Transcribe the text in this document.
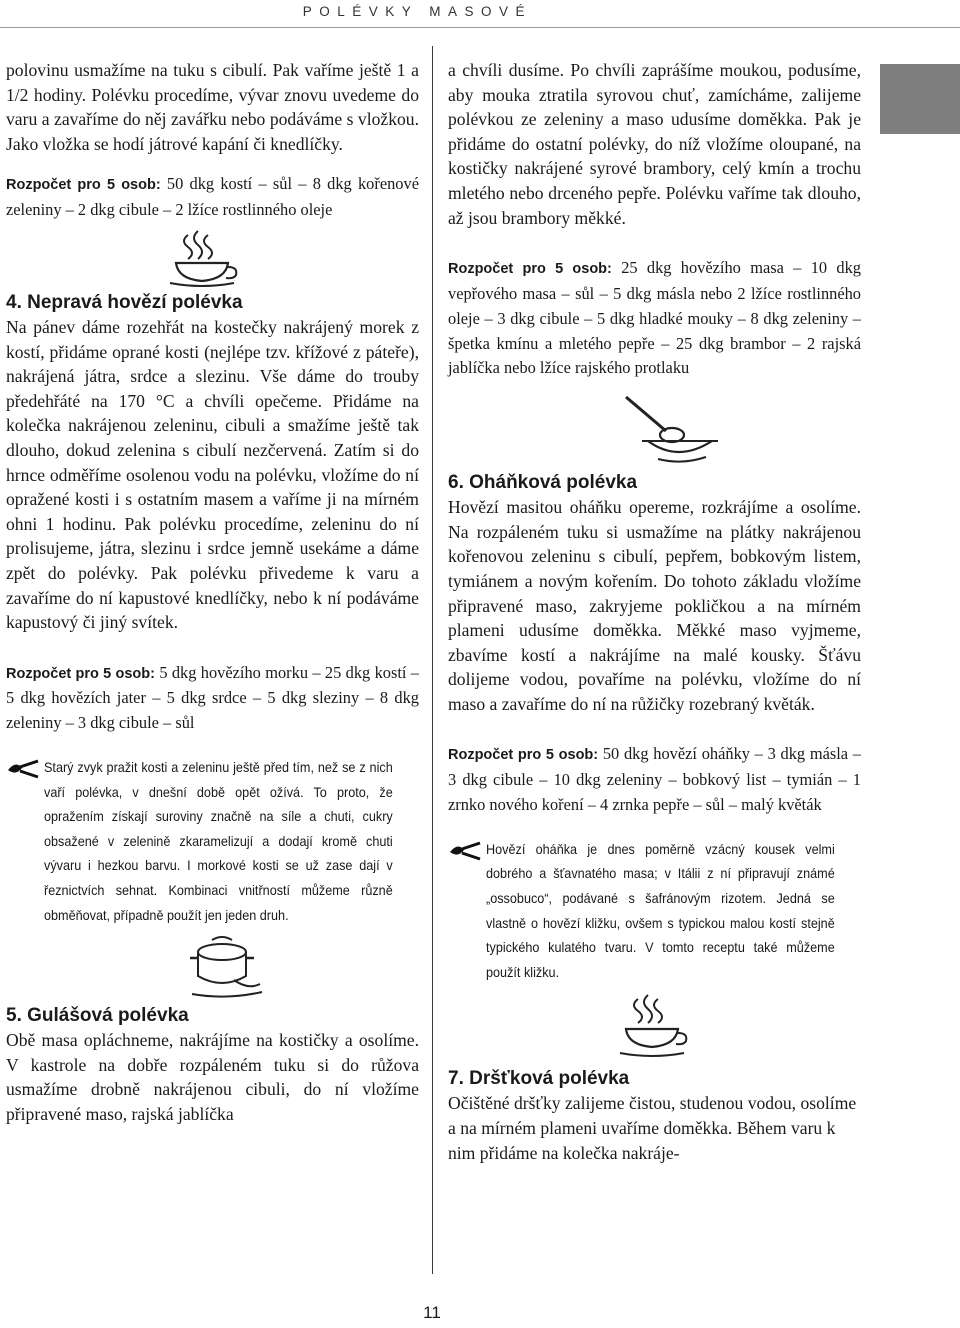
POLÉVKY MASOVÉ

polovinu usmažíme na tuku s cibulí. Pak vaříme ještě 1 a 1/2 hodiny. Polévku procedíme, vývar znovu uvedeme do varu a zavaříme do něj zavářku nebo podáváme s vložkou. Jako vložka se hodí játrové kapání či knedlíčky.

Rozpočet pro 5 osob: 50 dkg kostí – sůl – 8 dkg kořenové zeleniny – 2 dkg cibule – 2 lžíce rostlinného oleje

4. Nepravá hovězí polévka

Na pánev dáme rozehřát na kostečky nakrájený morek z kostí, přidáme oprané kosti (nejlépe tzv. křížové z páteře), nakrájená játra, srdce a slezinu. Vše dáme do trouby předehřáté na 170 °C a chvíli opečeme. Přidáme na kolečka nakrájenou zeleninu, cibuli a smažíme ještě tak dlouho, dokud zelenina s cibulí nezčervená. Zatím si do hrnce odměříme osolenou vodu na polévku, vložíme do ní opražené kosti i s ostatním masem a vaříme ji na mírném ohni 1 hodinu. Pak polévku procedíme, zeleninu do ní prolisujeme, játra, slezinu i srdce jemně usekáme a dáme zpět do polévky. Pak polévku přivedeme k varu a zavaříme do ní kapustové knedlíčky, nebo k ní podáváme kapustový či jiný svítek.

Rozpočet pro 5 osob: 5 dkg hovězího morku – 25 dkg kostí – 5 dkg hovězích jater – 5 dkg srdce – 5 dkg sleziny – 8 dkg zeleniny – 3 dkg cibule – sůl

Starý zvyk pražit kosti a zeleninu ještě před tím, než se z nich vaří polévka, v dnešní době opět ožívá. To proto, že opražením získají suroviny značně na síle a chuti, cukry obsažené v zelenině zkaramelizují a dodají kromě chuti vývaru i hezkou barvu. I morkové kosti se už zase dají v řeznictvích sehnat. Kombinaci vnitřností můžeme různě obměňovat, případně použít jen jeden druh.
5. Gulášová polévka

Obě masa opláchneme, nakrájíme na kostičky a osolíme. V kastrole na dobře rozpáleném tuku si do růžova usmažíme drobně nakrájenou cibuli, do ní vložíme připravené maso, rajská jablíčka

a chvíli dusíme. Po chvíli zaprášíme moukou, podusíme, aby mouka ztratila syrovou chuť, zamícháme, zalijeme polévkou ze zeleniny a maso udusíme doměkka. Pak je přidáme do ostatní polévky, do níž vložíme oloupané, na kostičky nakrájené syrové brambory, celý kmín a trochu mletého nebo drceného pepře. Polévku vaříme tak dlouho, až jsou brambory měkké.

Rozpočet pro 5 osob: 25 dkg hovězího masa – 10 dkg vepřového masa – sůl – 5 dkg másla nebo 2 lžíce rostlinného oleje – 3 dkg cibule – 5 dkg hladké mouky – 8 dkg zeleniny – špetka kmínu a mletého pepře – 25 dkg brambor – 2 rajská jablíčka nebo lžíce rajského protlaku

6. Oháňková polévka

Hovězí masitou oháňku opereme, rozkrájíme a osolíme. Na rozpáleném tuku si usmažíme na plátky nakrájenou kořenovou zeleninu s cibulí, pepřem, bobkovým listem, tymiánem a novým kořením. Do tohoto základu vložíme připravené maso, zakryjeme pokličkou a na mírném plameni udusíme doměkka. Měkké maso vyjmeme, zbavíme kostí a nakrájíme na malé kousky. Šťávu dolijeme vodou, povaříme na polévku, vložíme do ní maso a zavaříme do ní na růžičky rozebraný květák.

Rozpočet pro 5 osob: 50 dkg hovězí oháňky – 3 dkg másla – 3 dkg cibule – 10 dkg zeleniny – bobkový list – tymián – 1 zrnko nového koření – 4 zrnka pepře – sůl – malý květák

Hovězí oháňka je dnes poměrně vzácný kousek velmi dobrého a šťavnatého masa; v Itálii z ní připravují známé „ossobuco“, podávané s šafránovým rizotem. Jedná se vlastně o hovězí kližku, ovšem s typickou malou kostí stejně typického kulatého tvaru. V tomto receptu také můžeme použít kližku.
7. Dršťková polévka

Očištěné dršťky zalijeme čistou, studenou vodou, osolíme a na mírném plameni uvaříme doměkka. Během varu k nim přidáme na kolečka nakráje-

11
